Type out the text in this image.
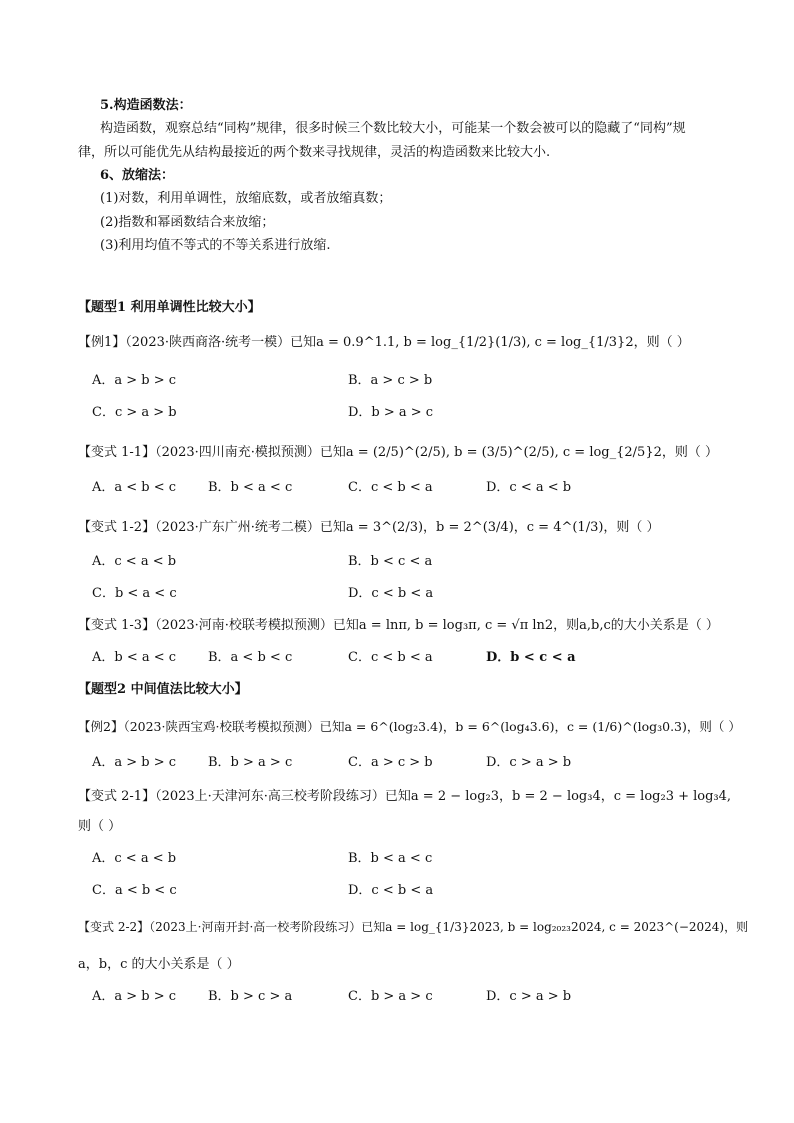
5.构造函数法：
构造函数，观察总结“同构”规律，很多时候三个数比较大小，可能某一个数会被可以的隐藏了“同构”规
律，所以可能优先从结构最接近的两个数来寻找规律，灵活的构造函数来比较大小.
6、放缩法：
(1)对数，利用单调性，放缩底数，或者放缩真数；
(2)指数和幂函数结合来放缩；
(3)利用均值不等式的不等关系进行放缩.
【题型1 利用单调性比较大小】
【例1】（2023·陕西商洛·统考一模）已知a = 0.9^1.1, b = log_{1/2}(1/3), c = log_{1/3}2，则（ ）
A．a > b > c	B．a > c > b
C．c > a > b	D．b > a > c
【变式 1-1】（2023·四川南充·模拟预测）已知a = (2/5)^(2/5), b = (3/5)^(2/5), c = log_{2/5}2，则（ ）
A．a < b < c B．b < a < c	C．c < b < a	D．c < a < b
【变式 1-2】（2023·广东广州·统考二模）已知a = 3^(2/3)，b = 2^(3/4)，c = 4^(1/3)，则（ ）
A．c < a < b	B．b < c < a
C．b < a < c	D．c < b < a
【变式 1-3】（2023·河南·校联考模拟预测）已知a = lnπ, b = log₃π, c = √π ln2，则a,b,c的大小关系是（ ）
A．b < a < c B．a < b < c	C．c < b < a	D．b < c < a
【题型2 中间值法比较大小】
【例2】（2023·陕西宝鸡·校联考模拟预测）已知a = 6^(log₂3.4)，b = 6^(log₄3.6)，c = (1/6)^(log₃0.3)，则（ ）
A．a > b > c B．b > a > c	C．a > c > b	D．c > a > b
【变式 2-1】（2023上·天津河东·高三校考阶段练习）已知a = 2 − log₂3，b = 2 − log₃4，c = log₂3 + log₃4,
则（ ）
A．c < a < b	B．b < a < c
C．a < b < c	D．c < b < a
【变式 2-2】（2023上·河南开封·高一校考阶段练习）已知a = log_{1/3}2023, b = log₂₀₂₃2024, c = 2023^(−2024)，则
a，b，c 的大小关系是（ ）
A．a > b > c B．b > c > a	C．b > a > c	D．c > a > b
